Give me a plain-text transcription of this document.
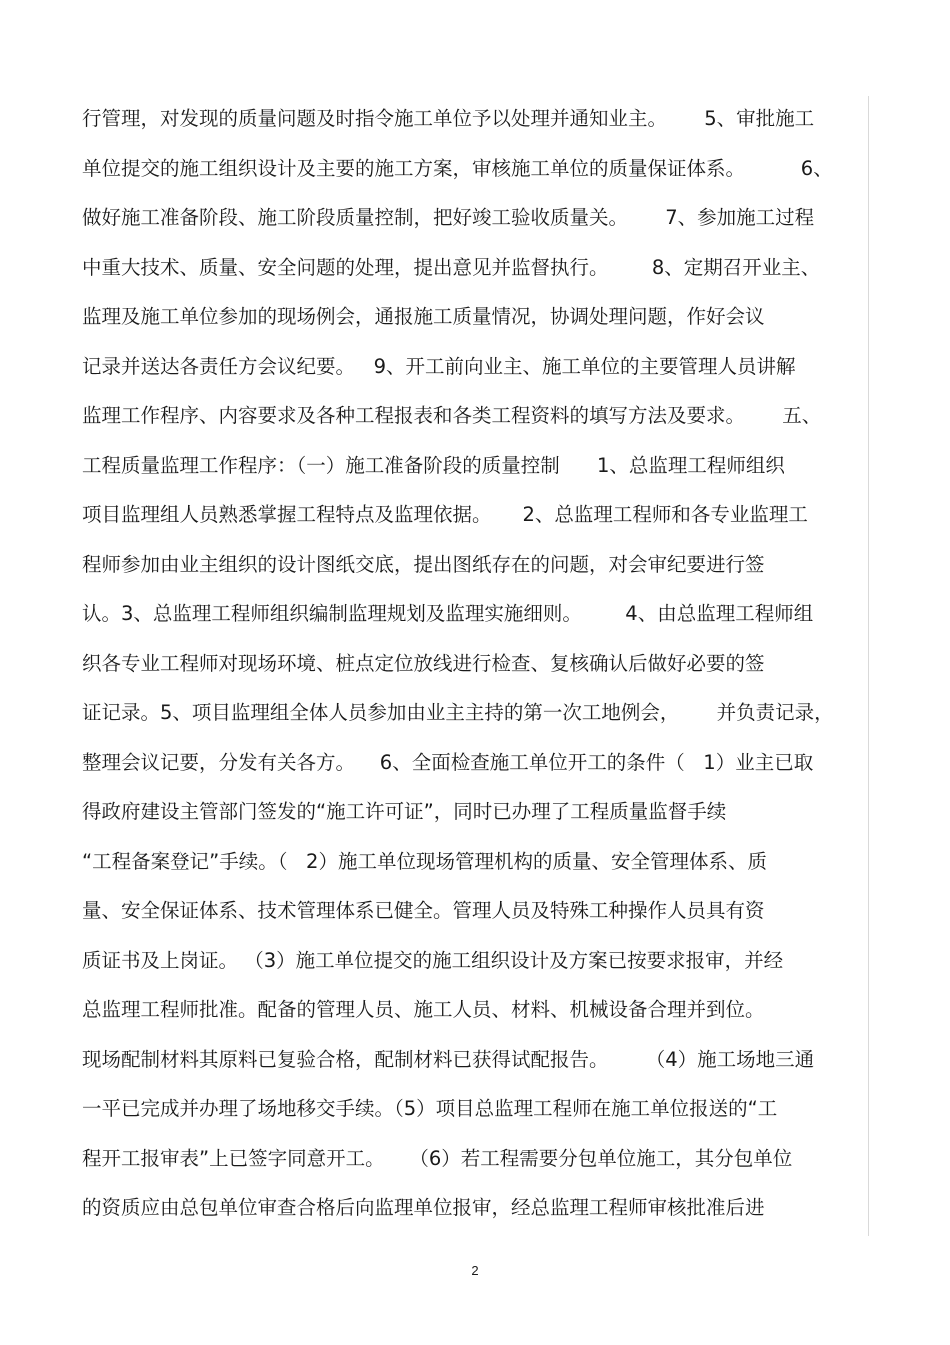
行管理，对发现的质量问题及时指令施工单位予以处理并通知业主。      5、审批施工
单位提交的施工组织设计及主要的施工方案，审核施工单位的质量保证体系。         6、
做好施工准备阶段、施工阶段质量控制，把好竣工验收质量关。      7、参加施工过程
中重大技术、质量、安全问题的处理，提出意见并监督执行。       8、定期召开业主、
监理及施工单位参加的现场例会，通报施工质量情况，协调处理问题，作好会议
记录并送达各责任方会议纪要。   9、开工前向业主、施工单位的主要管理人员讲解
监理工作程序、内容要求及各种工程报表和各类工程资料的填写方法及要求。      五、
工程质量监理工作程序：（一）施工准备阶段的质量控制      1、总监理工程师组织
项目监理组人员熟悉掌握工程特点及监理依据。     2、总监理工程师和各专业监理工
程师参加由业主组织的设计图纸交底，提出图纸存在的问题，对会审纪要进行签
认。3、总监理工程师组织编制监理规划及监理实施细则。       4、由总监理工程师组
织各专业工程师对现场环境、桩点定位放线进行检查、复核确认后做好必要的签
证记录。5、项目监理组全体人员参加由业主主持的第一次工地例会，      并负责记录，
整理会议记要，分发有关各方。    6、全面检查施工单位开工的条件（   1）业主已取
得政府建设主管部门签发的“施工许可证”，同时已办理了工程质量监督手续
“工程备案登记”手续。（   2）施工单位现场管理机构的质量、安全管理体系、质
量、安全保证体系、技术管理体系已健全。管理人员及特殊工种操作人员具有资
质证书及上岗证。 （3）施工单位提交的施工组织设计及方案已按要求报审，并经
总监理工程师批准。配备的管理人员、施工人员、材料、机械设备合理并到位。
现场配制材料其原料已复验合格，配制材料已获得试配报告。      （4）施工场地三通
一平已完成并办理了场地移交手续。（5）项目总监理工程师在施工单位报送的“工
程开工报审表”上已签字同意开工。    （6）若工程需要分包单位施工，其分包单位
的资质应由总包单位审查合格后向监理单位报审，经总监理工程师审核批准后进
2
